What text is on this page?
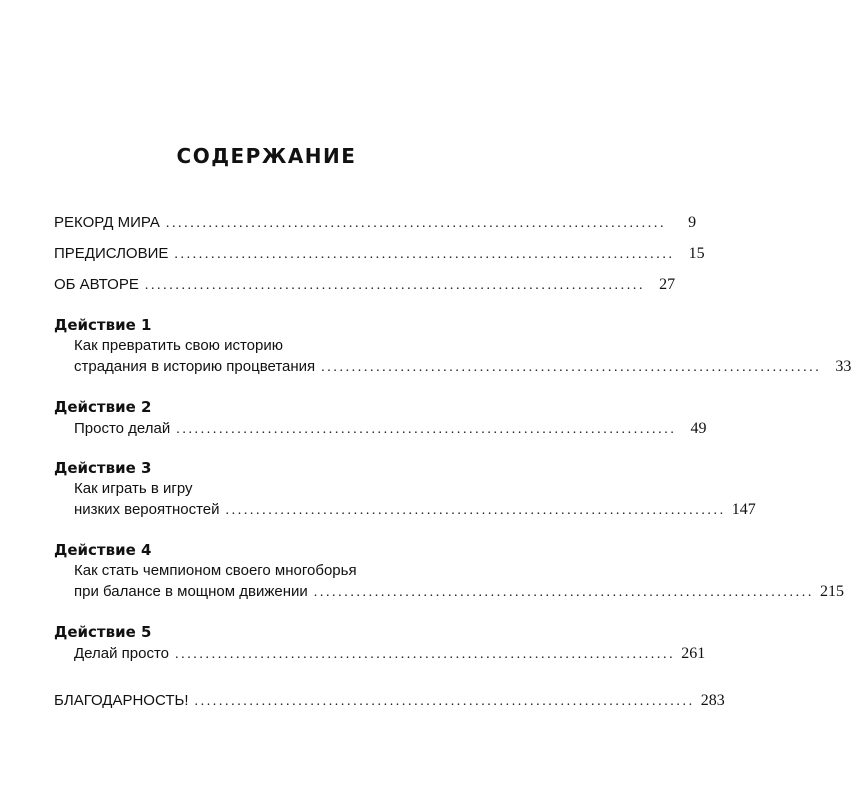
СОДЕРЖАНИЕ
РЕКОРД МИРА ..................................................................................	9
ПРЕДИСЛОВИЕ .................................................................................. 15
ОБ АВТОРЕ .................................................................................. 27
Действие 1
Как превратить свою историю
страдания в историю процветания .................................................................................. 33
Действие 2
Просто делай .................................................................................. 49
Действие 3
Как играть в игру
низких вероятностей .................................................................................. 147
Действие 4
Как стать чемпионом своего многоборья
при балансе в мощном движении .................................................................................. 215
Действие 5
Делай просто .................................................................................. 261
БЛАГОДАРНОСТЬ! .................................................................................. 283
